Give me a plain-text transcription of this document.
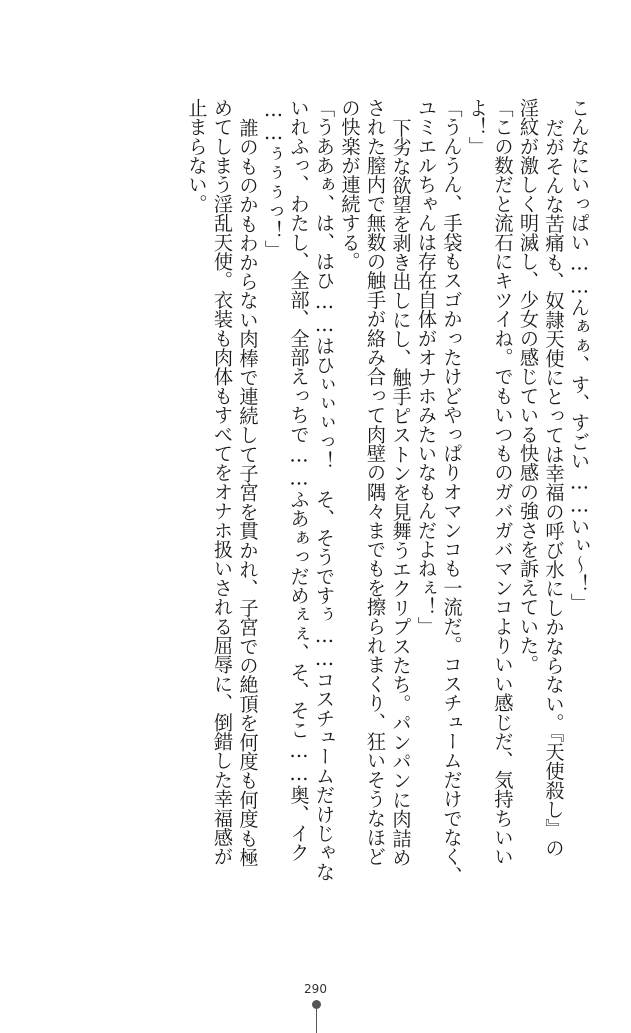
こんなにいっぱい……んぁぁ、す、すごい……いぃ〜！」
だがそんな苦痛も、奴隷天使にとっては幸福の呼び水にしかならない。『天使殺し』の
淫紋が激しく明滅し、少女の感じている快感の強さを訴えていた。
「この数だと流石にキツイね。でもいつものガバガバマンコよりいい感じだ、気持ちいい
よ！」
「うんうん、手袋もスゴかったけどやっぱりオマンコも一流だ。コスチュームだけでなく、
ユミエルちゃんは存在自体がオナホみたいなもんだよねぇ！」
下劣な欲望を剥き出しにし、触手ピストンを見舞うエクリプスたち。パンパンに肉詰め
された膣内で無数の触手が絡み合って肉壁の隅々までもを擦られまくり、狂いそうなほど
の快楽が連続する。
「うああぁ、は、はひ……はひぃぃぃっ！　そ、そうですぅ……コスチュームだけじゃな
いれふっ、わたし、全部、全部えっちで……ふあぁっだめぇぇ、そ、そこ……奥、イク
……ぅぅぅっ！」
誰のものかもわからない肉棒で連続して子宮を貫かれ、子宮での絶頂を何度も何度も極
めてしまう淫乱天使。衣装も肉体もすべてをオナホ扱いされる屈辱に、倒錯した幸福感が
止まらない。
290
